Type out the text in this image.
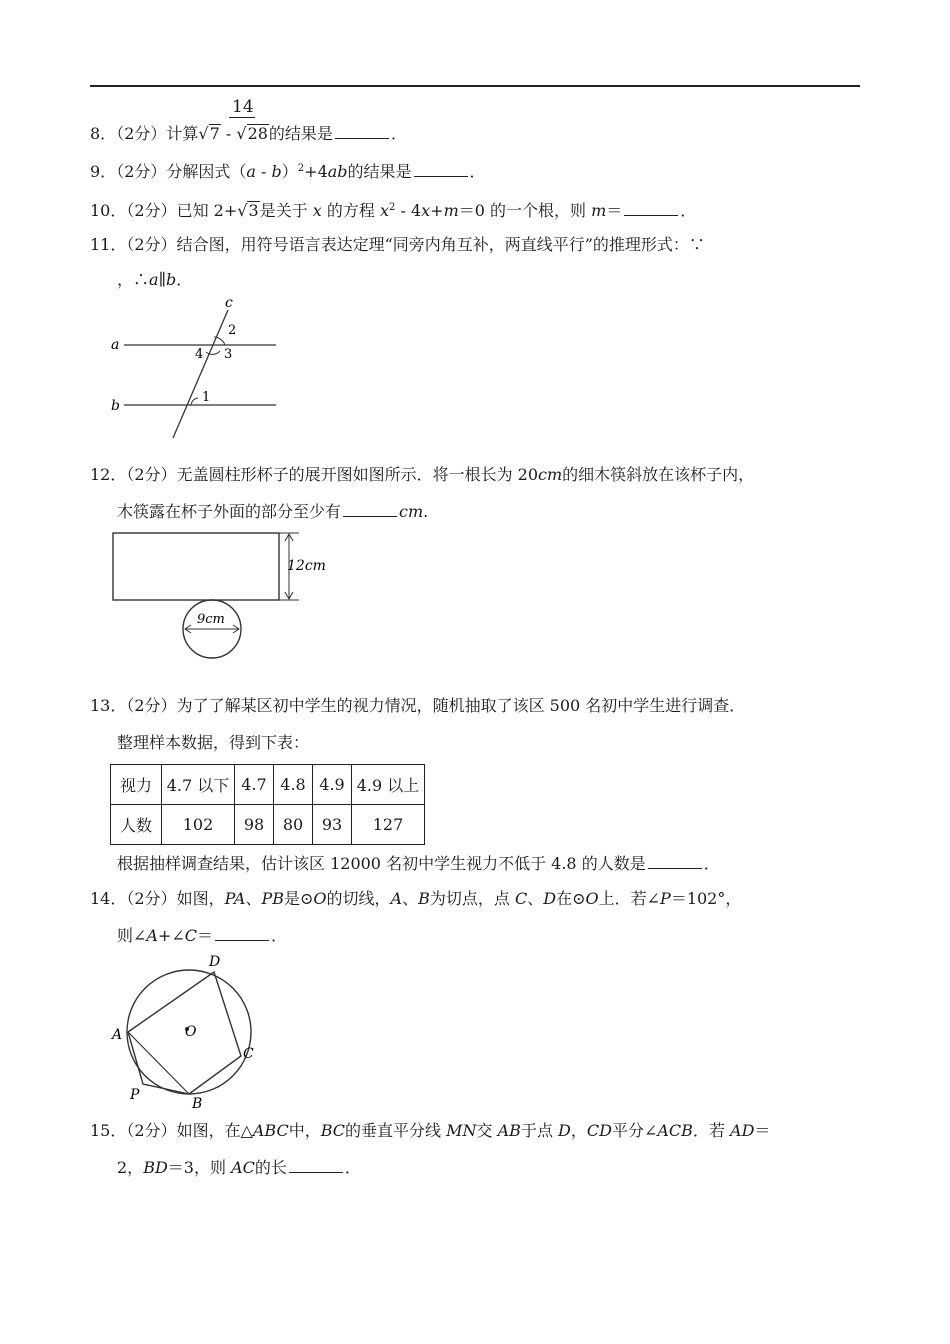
14
8．（2分）计算√7 - √28的结果是	．
9．（2分）分解因式（a - b）$^2$+4ab的结果是	．
10．（2分）已知 2+√3是关于 x 的方程 $x^2 - 4x+m=0$ 的一个根，则 m＝	．
11．（2分）结合图，用符号语言表达定理“同旁内角互补，两直线平行”的推理形式：∵
，∴a∥b．
a
b
c
2
3
4
1
12．（2分）无盖圆柱形杯子的展开图如图所示．将一根长为 20cm的细木筷斜放在该杯子内，
木筷露在杯子外面的部分至少有	cm.
12cm
9cm
13．（2分）为了了解某区初中学生的视力情况，随机抽取了该区 500 名初中学生进行调查．
整理样本数据，得到下表：
视力	4.7 以下	4.7	4.8	4.9	4.9 以上
人数	102	98	80	93	127
根据抽样调查结果，估计该区 12000 名初中学生视力不低于 4.8 的人数是	．
14．（2分）如图，PA、PB是⊙O的切线，A、B为切点，点 C、D在⊙O上．若∠P＝102°，
则∠A+∠C＝	．
D
A	O
C
P
B
15．（2分）如图，在△ABC中，BC的垂直平分线 MN交 AB于点 D，CD平分∠ACB．若 AD＝
2，BD＝3，则 AC的长	．
